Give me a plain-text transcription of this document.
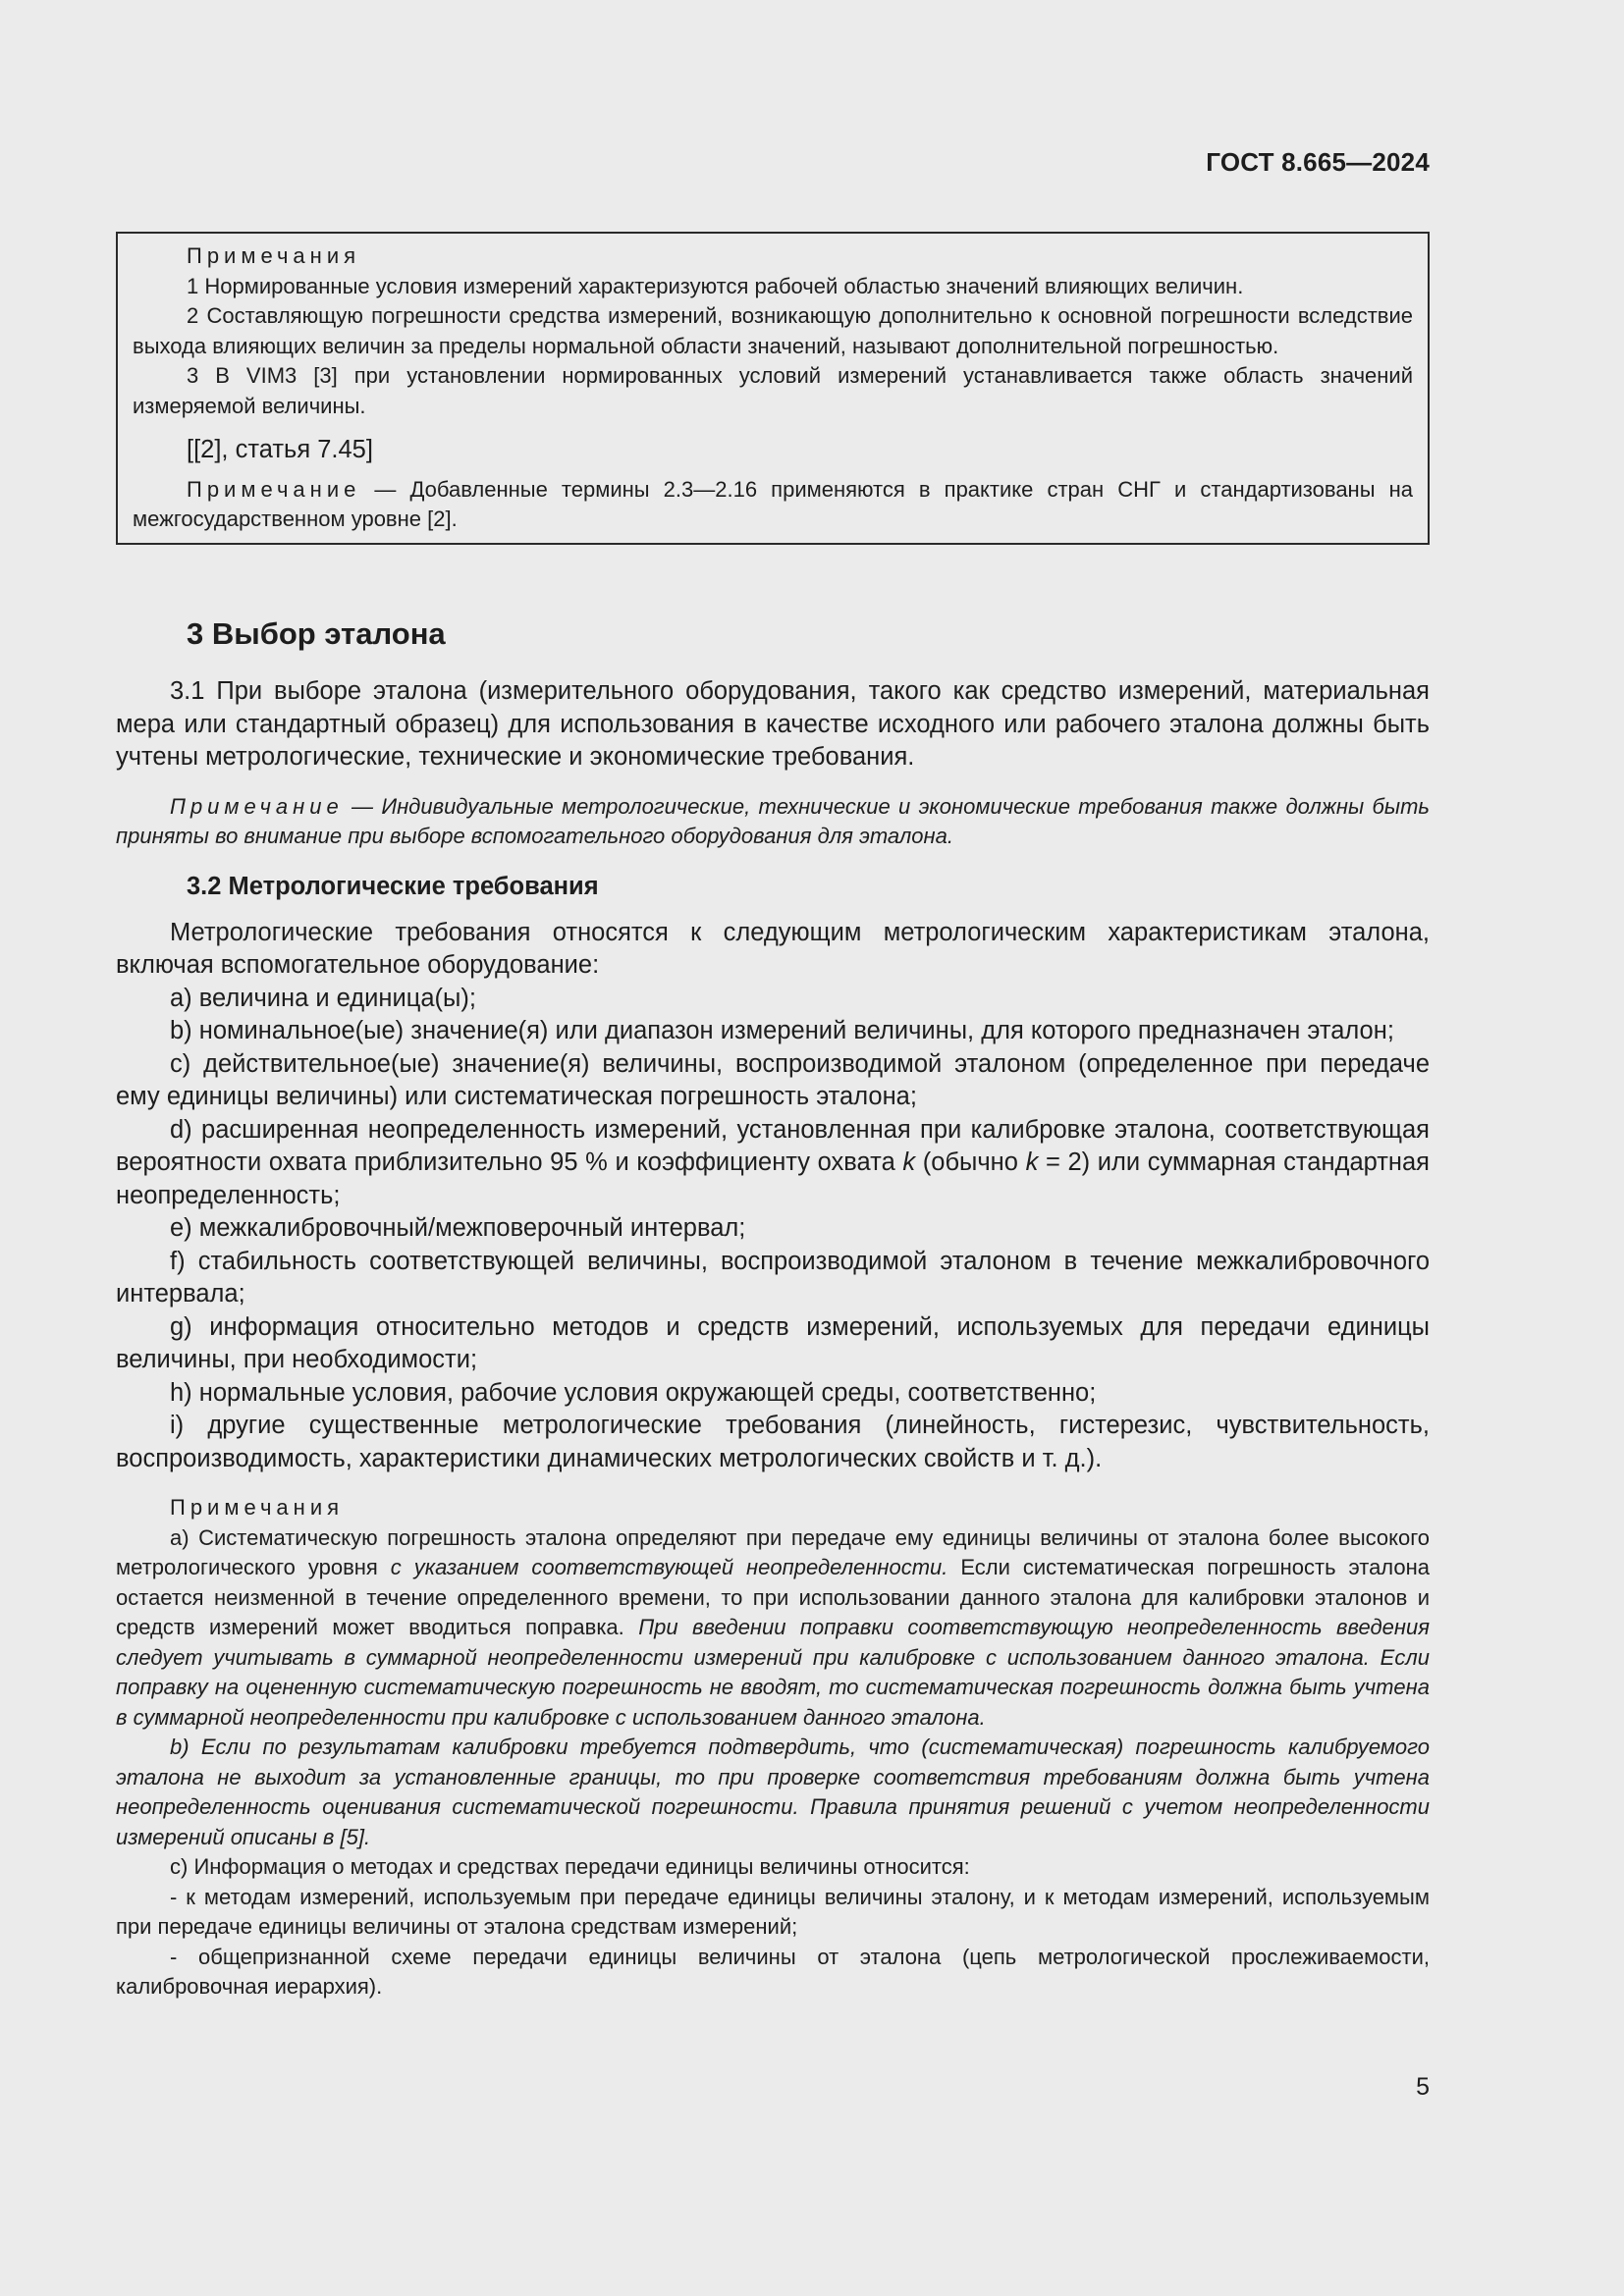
ГОСТ 8.665—2024

Примечания

1 Нормированные условия измерений характеризуются рабочей областью значений влияющих величин.

2 Составляющую погрешности средства измерений, возникающую дополнительно к основной погрешности вследствие выхода влияющих величин за пределы нормальной области значений, называют дополнительной погрешностью.

3 В VIM3 [3] при установлении нормированных условий измерений устанавливается также область значений измеряемой величины.

[[2], статья 7.45]

Примечание — Добавленные термины 2.3—2.16 применяются в практике стран СНГ и стандартизованы на межгосударственном уровне [2].

3 Выбор эталона

3.1 При выборе эталона (измерительного оборудования, такого как средство измерений, материальная мера или стандартный образец) для использования в качестве исходного или рабочего эталона должны быть учтены метрологические, технические и экономические требования.

Примечание — Индивидуальные метрологические, технические и экономические требования также должны быть приняты во внимание при выборе вспомогательного оборудования для эталона.

3.2 Метрологические требования

Метрологические требования относятся к следующим метрологическим характеристикам эталона, включая вспомогательное оборудование:

a) величина и единица(ы);

b) номинальное(ые) значение(я) или диапазон измерений величины, для которого предназначен эталон;

c) действительное(ые) значение(я) величины, воспроизводимой эталоном (определенное при передаче ему единицы величины) или систематическая погрешность эталона;

d) расширенная неопределенность измерений, установленная при калибровке эталона, соответствующая вероятности охвата приблизительно 95 % и коэффициенту охвата k (обычно k = 2) или суммарная стандартная неопределенность;

e) межкалибровочный/межповерочный интервал;

f) стабильность соответствующей величины, воспроизводимой эталоном в течение межкалибровочного интервала;

g) информация относительно методов и средств измерений, используемых для передачи единицы величины, при необходимости;

h) нормальные условия, рабочие условия окружающей среды, соответственно;

i) другие существенные метрологические требования (линейность, гистерезис, чувствительность, воспроизводимость, характеристики динамических метрологических свойств и т. д.).

Примечания

a) Систематическую погрешность эталона определяют при передаче ему единицы величины от эталона более высокого метрологического уровня с указанием соответствующей неопределенности. Если систематическая погрешность эталона остается неизменной в течение определенного времени, то при использовании данного эталона для калибровки эталонов и средств измерений может вводиться поправка. При введении поправки соответствующую неопределенность введения следует учитывать в суммарной неопределенности измерений при калибровке с использованием данного эталона. Если поправку на оцененную систематическую погрешность не вводят, то систематическая погрешность должна быть учтена в суммарной неопределенности при калибровке с использованием данного эталона.

b) Если по результатам калибровки требуется подтвердить, что (систематическая) погрешность калибруемого эталона не выходит за установленные границы, то при проверке соответствия требованиям должна быть учтена неопределенность оценивания систематической погрешности. Правила принятия решений с учетом неопределенности измерений описаны в [5].

c) Информация о методах и средствах передачи единицы величины относится:

- к методам измерений, используемым при передаче единицы величины эталону, и к методам измерений, используемым при передаче единицы величины от эталона средствам измерений;

- общепризнанной схеме передачи единицы величины от эталона (цепь метрологической прослеживаемости, калибровочная иерархия).

5
